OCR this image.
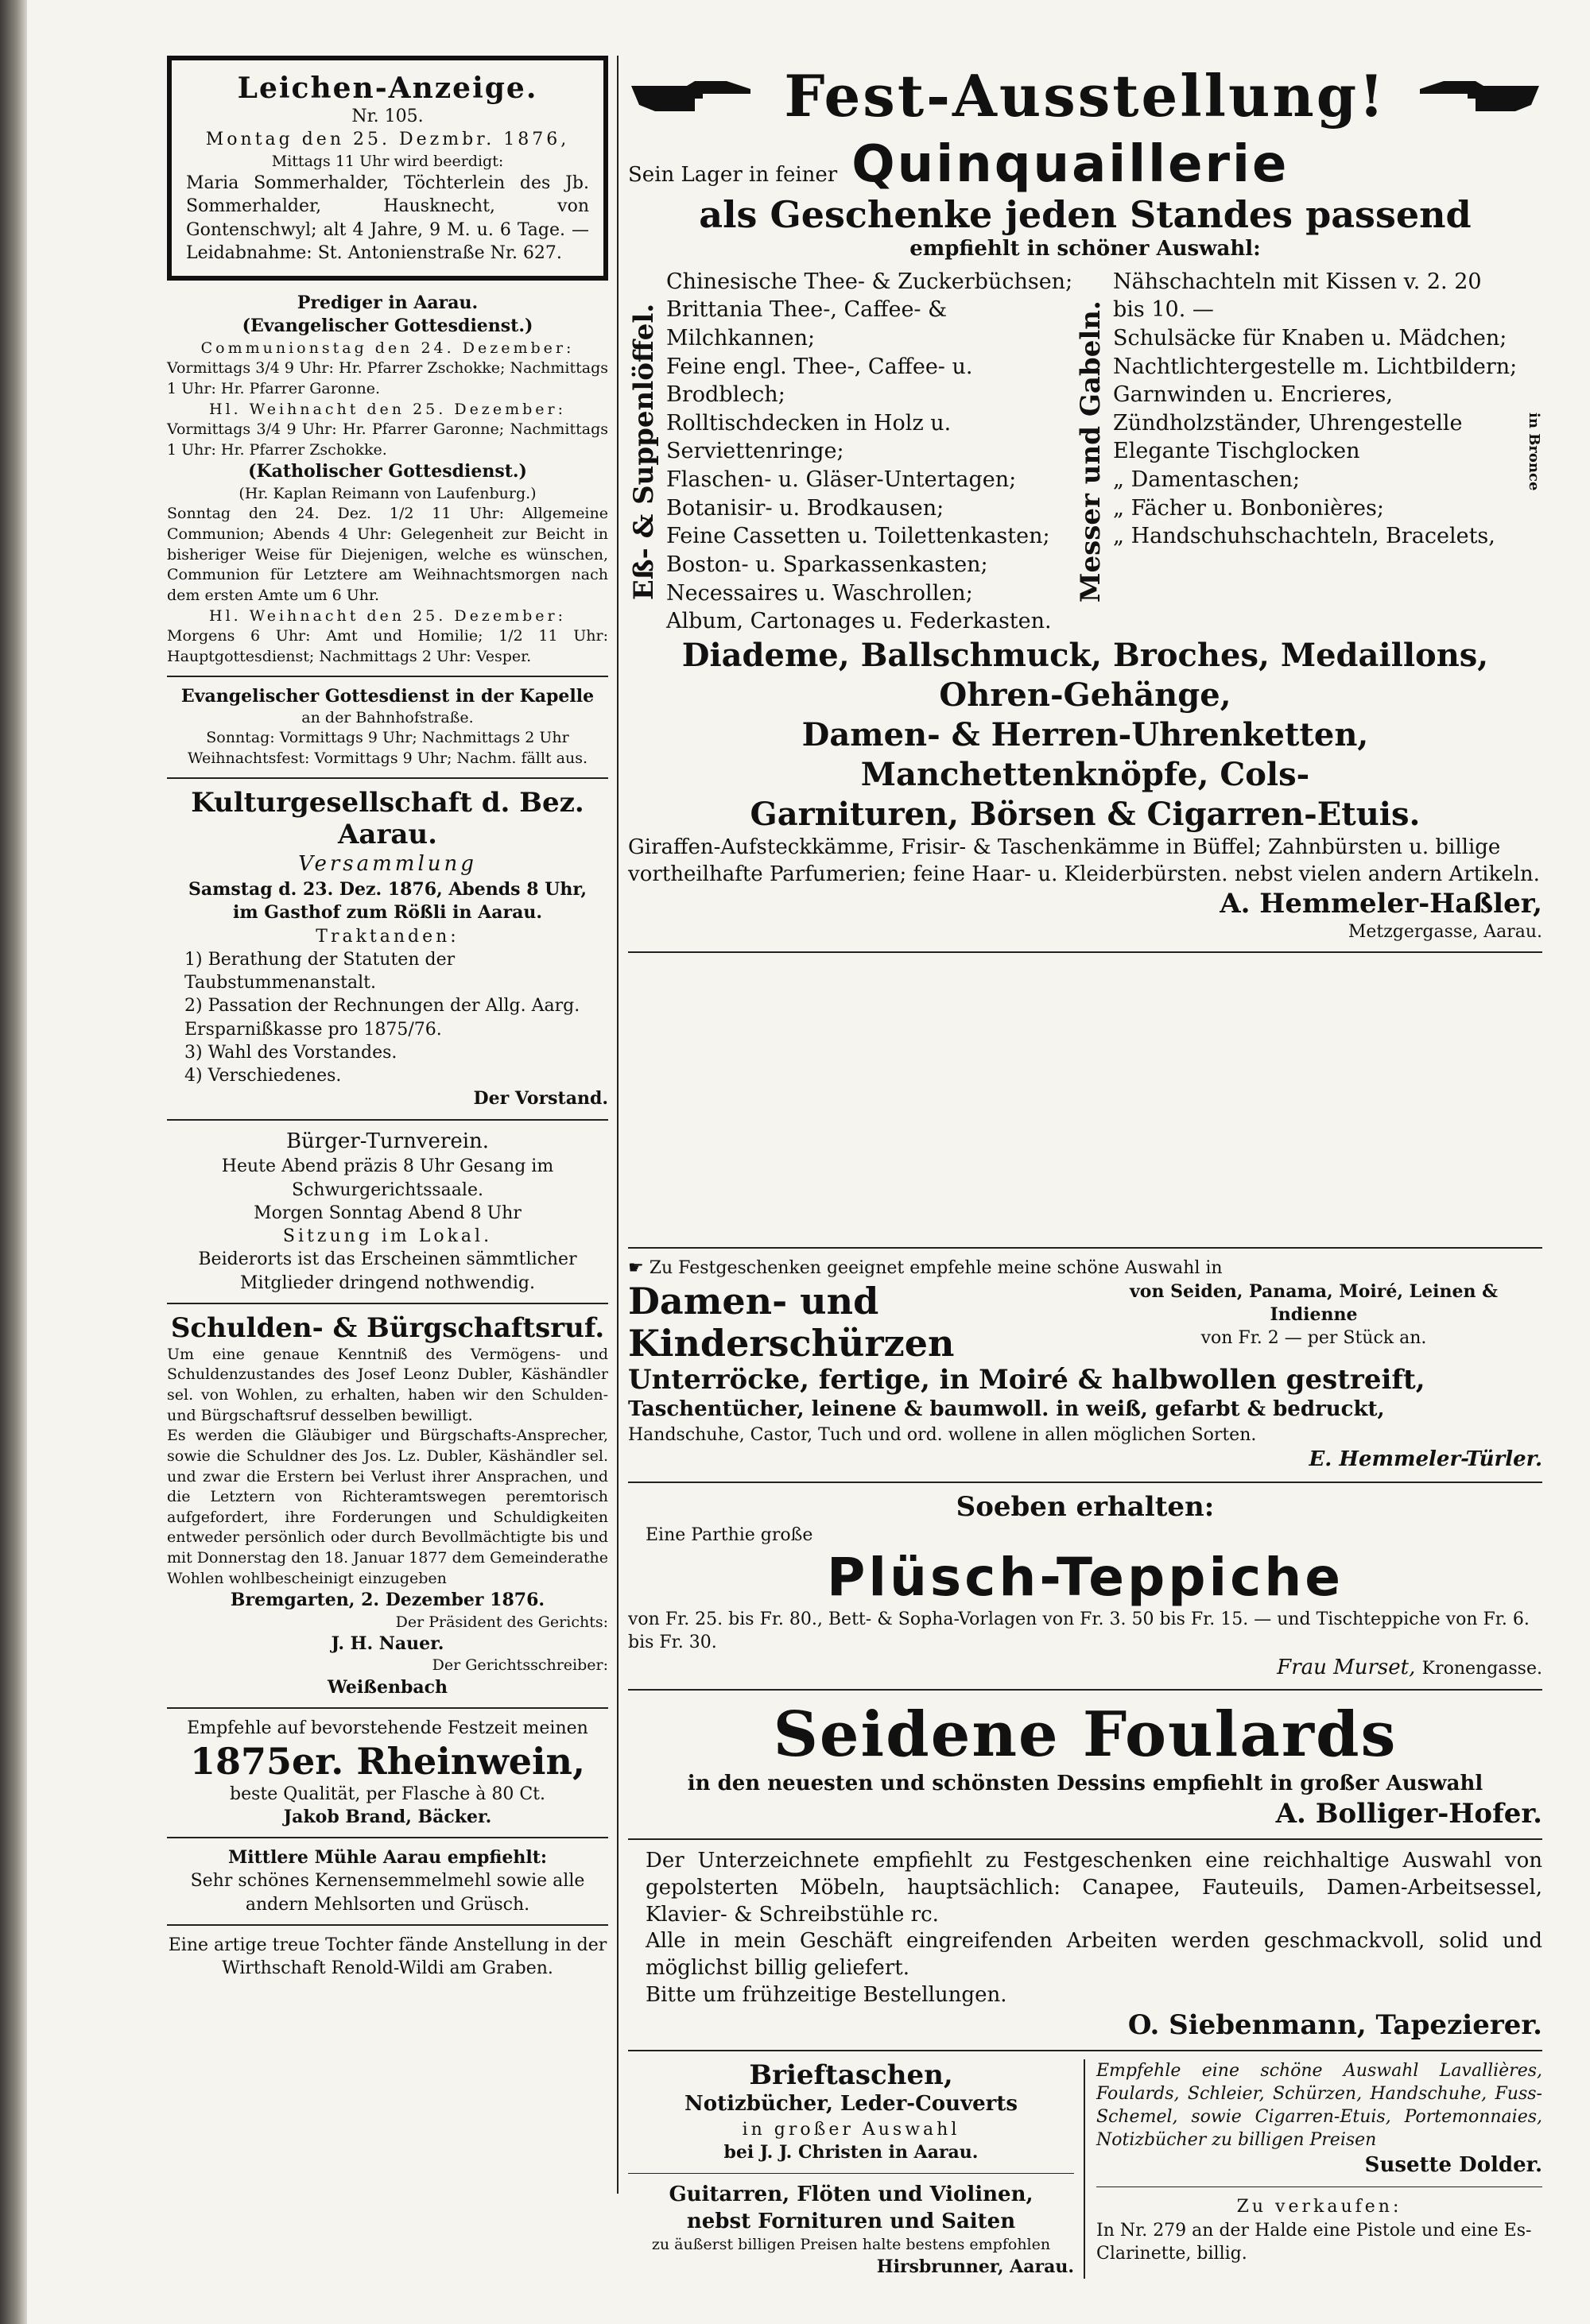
Leichen-Anzeige.

Nr. 105.

Montag den 25. Dezmbr. 1876,

Mittags 11 Uhr wird beerdigt:

Maria Sommerhalder, Töchterlein des Jb. Sommerhalder, Hausknecht, von Gontenschwyl; alt 4 Jahre, 9 M. u. 6 Tage. — Leidabnahme: St. Antonienstraße Nr. 627.

Prediger in Aarau.

(Evangelischer Gottesdienst.)

Communionstag den 24. Dezember:

Vormittags 3/4 9 Uhr: Hr. Pfarrer Zschokke; Nachmittags 1 Uhr: Hr. Pfarrer Garonne.

Hl. Weihnacht den 25. Dezember:

Vormittags 3/4 9 Uhr: Hr. Pfarrer Garonne; Nachmittags 1 Uhr: Hr. Pfarrer Zschokke.

(Katholischer Gottesdienst.)

(Hr. Kaplan Reimann von Laufenburg.)

Sonntag den 24. Dez. 1/2 11 Uhr: Allgemeine Communion; Abends 4 Uhr: Gelegenheit zur Beicht in bisheriger Weise für Diejenigen, welche es wünschen, Communion für Letztere am Weihnachtsmorgen nach dem ersten Amte um 6 Uhr.

Hl. Weihnacht den 25. Dezember:

Morgens 6 Uhr: Amt und Homilie; 1/2 11 Uhr: Hauptgottesdienst; Nachmittags 2 Uhr: Vesper.

Evangelischer Gottesdienst in der Kapelle

an der Bahnhofstraße.

Sonntag: Vormittags 9 Uhr; Nachmittags 2 Uhr

Weihnachtsfest: Vormittags 9 Uhr; Nachm. fällt aus.

Kulturgesellschaft d. Bez. Aarau.

Versammlung

Samstag d. 23. Dez. 1876, Abends 8 Uhr,

im Gasthof zum Rößli in Aarau.

Traktanden:

1) Berathung der Statuten der Taubstummenanstalt.

2) Passation der Rechnungen der Allg. Aarg. Ersparnißkasse pro 1875/76.

3) Wahl des Vorstandes.

4) Verschiedenes.

Der Vorstand.

Bürger-Turnverein.

Heute Abend präzis 8 Uhr Gesang im Schwurgerichtssaale.

Morgen Sonntag Abend 8 Uhr

Sitzung im Lokal.

Beiderorts ist das Erscheinen sämmtlicher Mitglieder dringend nothwendig.

Schulden- & Bürgschaftsruf.

Um eine genaue Kenntniß des Vermögens- und Schuldenzustandes des Josef Leonz Dubler, Käshändler sel. von Wohlen, zu erhalten, haben wir den Schulden- und Bürgschaftsruf desselben bewilligt.

Es werden die Gläubiger und Bürgschafts-Ansprecher, sowie die Schuldner des Jos. Lz. Dubler, Käshändler sel. und zwar die Erstern bei Verlust ihrer Ansprachen, und die Letztern von Richteramtswegen peremtorisch aufgefordert, ihre Forderungen und Schuldigkeiten entweder persönlich oder durch Bevollmächtigte bis und mit Donnerstag den 18. Januar 1877 dem Gemeinderathe Wohlen wohlbescheinigt einzugeben

Bremgarten, 2. Dezember 1876.

Der Präsident des Gerichts:

J. H. Nauer.

Der Gerichtsschreiber:

Weißenbach

Empfehle auf bevorstehende Festzeit meinen

1875er. Rheinwein,

beste Qualität, per Flasche à 80 Ct.

Jakob Brand, Bäcker.

Mittlere Mühle Aarau empfiehlt:

Sehr schönes Kernensemmelmehl sowie alle andern Mehlsorten und Grüsch.

Eine artige treue Tochter fände Anstellung in der Wirthschaft Renold-Wildi am Graben.

Fest-Ausstellung!
Sein Lager in feiner Quinquaillerie

als Geschenke jeden Standes passend

empfiehlt in schöner Auswahl:

Eß- & Suppenlöffel.

Chinesische Thee- & Zuckerbüchsen;

Brittania Thee-, Caffee- & Milchkannen;

Feine engl. Thee-, Caffee- u. Brodblech;

Rolltischdecken in Holz u. Serviettenringe;

Flaschen- u. Gläser-Untertagen;

Botanisir- u. Brodkausen;

Feine Cassetten u. Toilettenkasten;

Boston- u. Sparkassenkasten;

Necessaires u. Waschrollen;

Album, Cartonages u. Federkasten.

Messer und Gabeln.

Nähschachteln mit Kissen v. 2. 20

bis 10. —

Schulsäcke für Knaben u. Mädchen;

Nachtlichtergestelle m. Lichtbildern;

Garnwinden u. Encrieres,

Zündholzständer, Uhrengestelle

Elegante Tischglocken

„ Damentaschen;

„ Fächer u. Bonbonières;

„ Handschuhschachteln, Bracelets,

in Bronce

Diademe, Ballschmuck, Broches, Medaillons, Ohren-Gehänge,

Damen- & Herren-Uhrenketten, Manchettenknöpfe, Cols-

Garnituren, Börsen & Cigarren-Etuis.

Giraffen-Aufsteckkämme, Frisir- & Taschenkämme in Büffel; Zahnbürsten u. billige vortheilhafte Parfumerien; feine Haar- u. Kleiderbürsten. nebst vielen andern Artikeln.

A. Hemmeler-Haßler,

Metzgergasse, Aarau.

☛ Zu Festgeschenken geeignet empfehle meine schöne Auswahl in

Damen- und Kinderschürzen

von Seiden, Panama, Moiré, Leinen & Indienne

von Fr. 2 — per Stück an.

Unterröcke, fertige, in Moiré & halbwollen gestreift,

Taschentücher, leinene & baumwoll. in weiß, gefarbt & bedruckt,

Handschuhe, Castor, Tuch und ord. wollene in allen möglichen Sorten.

E. Hemmeler-Türler.

Soeben erhalten:

Eine Parthie große

Plüsch-Teppiche

von Fr. 25. bis Fr. 80., Bett- & Sopha-Vorlagen von Fr. 3. 50 bis Fr. 15. — und Tischteppiche von Fr. 6. bis Fr. 30.

Frau Murset, Kronengasse.

Seidene Foulards

in den neuesten und schönsten Dessins empfiehlt in großer Auswahl

A. Bolliger-Hofer.

Der Unterzeichnete empfiehlt zu Festgeschenken eine reichhaltige Auswahl von gepolsterten Möbeln, hauptsächlich: Canapee, Fauteuils, Damen-Arbeitsessel, Klavier- & Schreibstühle rc.

Alle in mein Geschäft eingreifenden Arbeiten werden geschmackvoll, solid und möglichst billig geliefert.

Bitte um frühzeitige Bestellungen.

O. Siebenmann, Tapezierer.

Brieftaschen,

Notizbücher, Leder-Couverts

in großer Auswahl

bei J. J. Christen in Aarau.

Guitarren, Flöten und Violinen,

nebst Fornituren und Saiten

zu äußerst billigen Preisen halte bestens empfohlen

Hirsbrunner, Aarau.

Empfehle eine schöne Auswahl Lavallières, Foulards, Schleier, Schürzen, Handschuhe, Fuss-Schemel, sowie Cigarren-Etuis, Portemonnaies, Notizbücher zu billigen Preisen

Susette Dolder.

Zu verkaufen:

In Nr. 279 an der Halde eine Pistole und eine Es-Clarinette, billig.
